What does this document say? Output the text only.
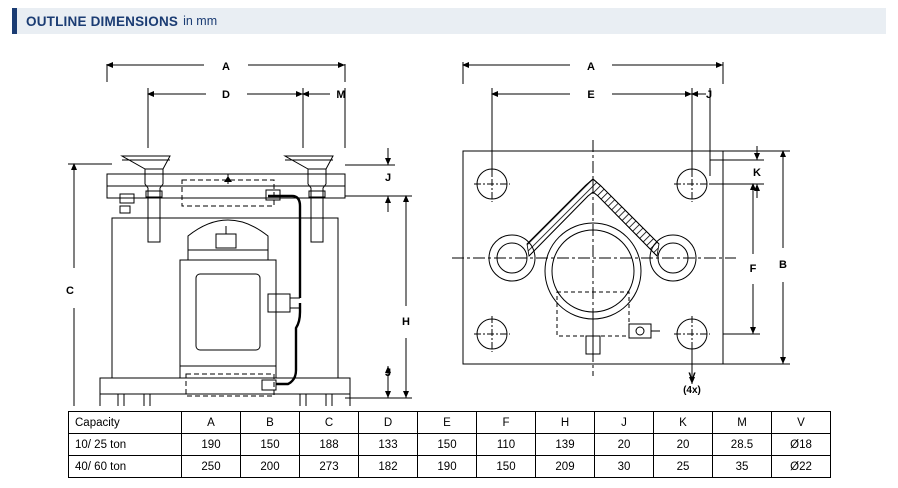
OUTLINE DIMENSIONS in mm
A
D	M
J
C
H
J
A
E	J
K
F B
V
(4x)
Capacity	A	B	C	D	E	F	H	J	K	M	V
10/ 25 ton	190	150	188	133	150	110	139	20	20	28.5	Ø18
40/ 60 ton	250	200	273	182	190	150	209	30	25	35	Ø22
